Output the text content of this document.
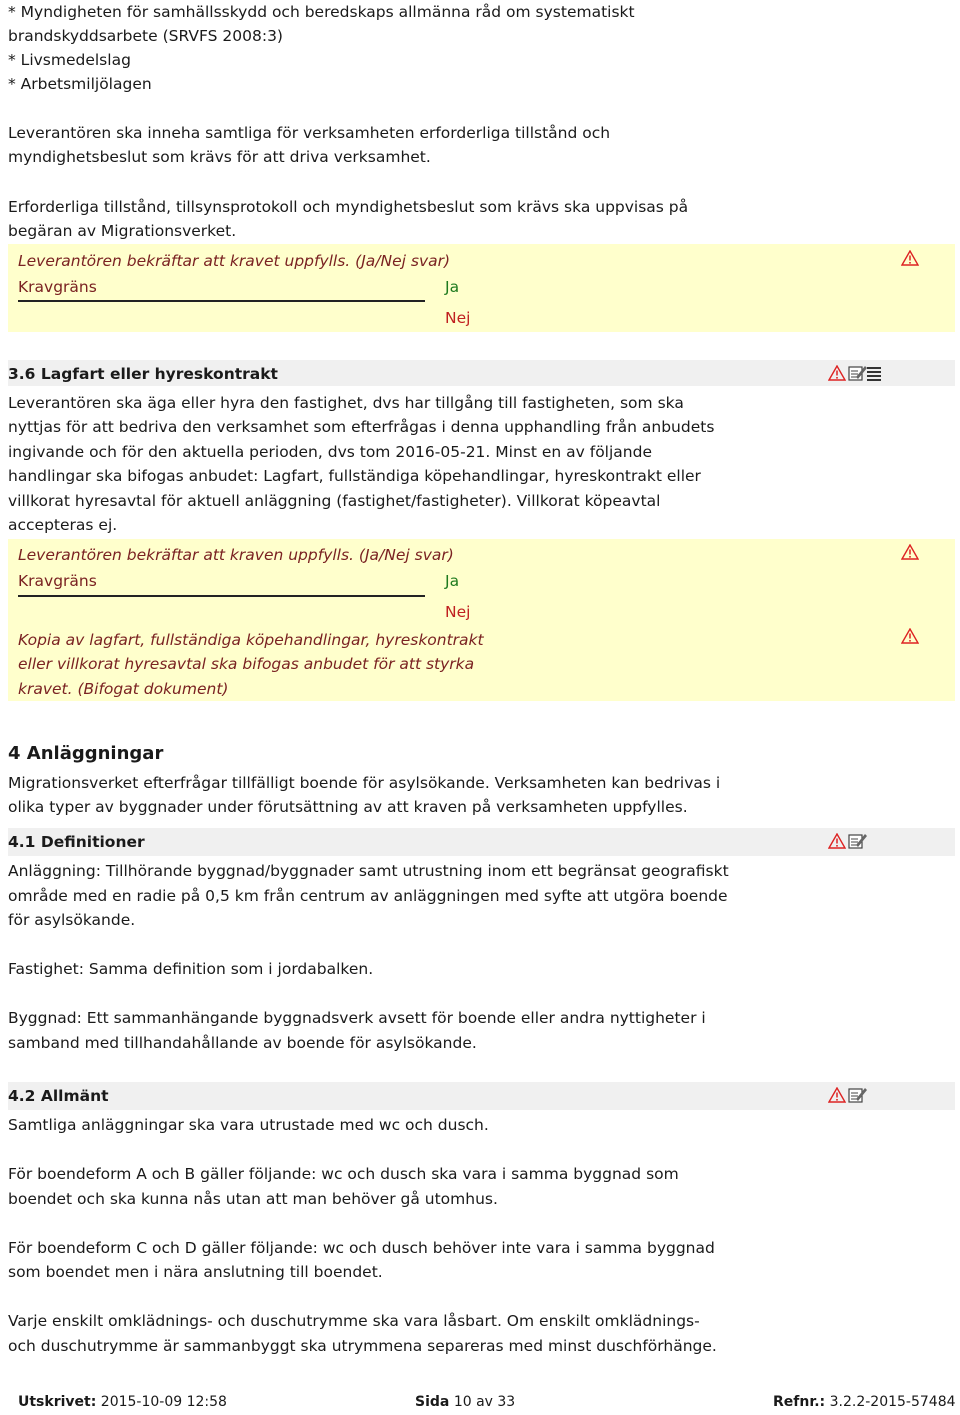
* Myndigheten för samhällsskydd och beredskaps allmänna råd om systematiskt
brandskyddsarbete (SRVFS 2008:3)
* Livsmedelslag
* Arbetsmiljölagen
Leverantören ska inneha samtliga för verksamheten erforderliga tillstånd och
myndighetsbeslut som krävs för att driva verksamhet.
Erforderliga tillstånd, tillsynsprotokoll och myndighetsbeslut som krävs ska uppvisas på
begäran av Migrationsverket.
Leverantören bekräftar att kravet uppfylls. (Ja/Nej svar)
Kravgräns	Ja
Nej
3.6 Lagfart eller hyreskontrakt
Leverantören ska äga eller hyra den fastighet, dvs har tillgång till fastigheten, som ska
nyttjas för att bedriva den verksamhet som efterfrågas i denna upphandling från anbudets
ingivande och för den aktuella perioden, dvs tom 2016-05-21. Minst en av följande
handlingar ska bifogas anbudet: Lagfart, fullständiga köpehandlingar, hyreskontrakt eller
villkorat hyresavtal för aktuell anläggning (fastighet/fastigheter). Villkorat köpeavtal
accepteras ej.
Leverantören bekräftar att kraven uppfylls. (Ja/Nej svar)
Kravgräns	Ja
Nej
Kopia av lagfart, fullständiga köpehandlingar, hyreskontrakt
eller villkorat hyresavtal ska bifogas anbudet för att styrka
kravet. (Bifogat dokument)
4 Anläggningar
Migrationsverket efterfrågar tillfälligt boende för asylsökande. Verksamheten kan bedrivas i
olika typer av byggnader under förutsättning av att kraven på verksamheten uppfylles.
4.1 Definitioner
Anläggning: Tillhörande byggnad/byggnader samt utrustning inom ett begränsat geografiskt
område med en radie på 0,5 km från centrum av anläggningen med syfte att utgöra boende
för asylsökande.
Fastighet: Samma definition som i jordabalken.
Byggnad: Ett sammanhängande byggnadsverk avsett för boende eller andra nyttigheter i
samband med tillhandahållande av boende för asylsökande.
4.2 Allmänt
Samtliga anläggningar ska vara utrustade med wc och dusch.
För boendeform A och B gäller följande: wc och dusch ska vara i samma byggnad som
boendet och ska kunna nås utan att man behöver gå utomhus.
För boendeform C och D gäller följande: wc och dusch behöver inte vara i samma byggnad
som boendet men i nära anslutning till boendet.
Varje enskilt omklädnings- och duschutrymme ska vara låsbart. Om enskilt omklädnings-
och duschutrymme är sammanbyggt ska utrymmena separeras med minst duschförhänge.
Utskrivet: 2015-10-09 12:58	Sida 10 av 33	Refnr.: 3.2.2-2015-57484
